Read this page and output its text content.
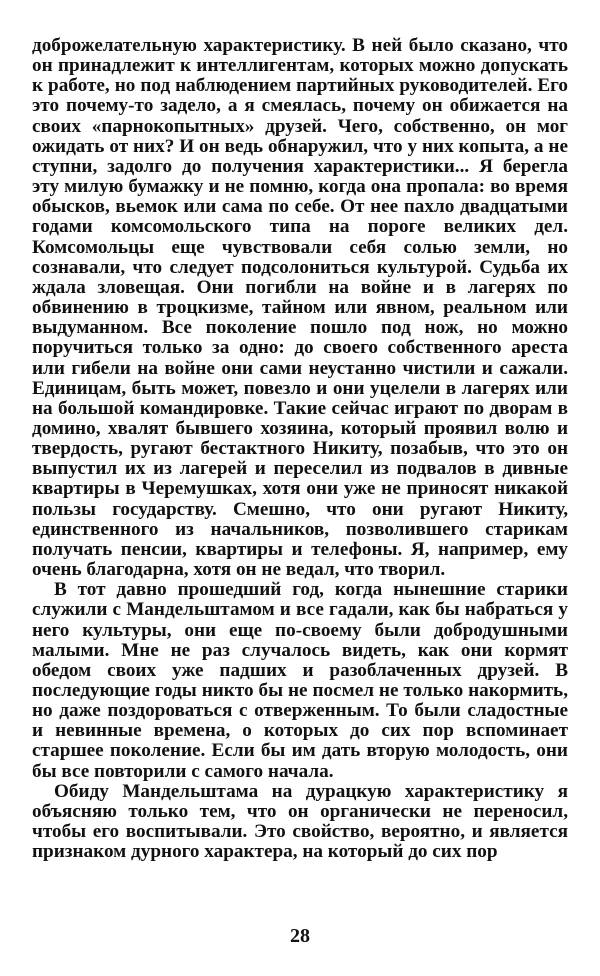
доброжелательную характеристику. В ней было сказано, что он принадлежит к интеллигентам, которых можно допускать к работе, но под наблюдением партийных руководителей. Его это почему-то задело, а я смеялась, почему он обижается на своих «парнокопытных» друзей. Чего, собственно, он мог ожидать от них? И он ведь обнаружил, что у них копыта, а не ступни, задолго до получения характеристики... Я берегла эту милую бумажку и не помню, когда она пропала: во время обысков, вьемок или сама по себе. От нее пахло двадцатыми годами комсомольского типа на пороге великих дел. Комсомольцы еще чувствовали себя солью земли, но сознавали, что следует подсолониться культурой. Судьба их ждала зловещая. Они погибли на войне и в лагерях по обвинению в троцкизме, тайном или явном, реальном или выдуманном. Все поколение пошло под нож, но можно поручиться только за одно: до своего собственного ареста или гибели на войне они сами неустанно чистили и сажали. Единицам, быть может, повезло и они уцелели в лагерях или на большой командировке. Такие сейчас играют по дворам в домино, хвалят бывшего хозяина, который проявил волю и твердость, ругают бестактного Никиту, позабыв, что это он выпустил их из лагерей и переселил из подвалов в дивные квартиры в Черемушках, хотя они уже не приносят никакой пользы государству. Смешно, что они ругают Никиту, единственного из начальников, позволившего старикам получать пенсии, квартиры и телефоны. Я, например, ему очень благодарна, хотя он не ведал, что творил.

В тот давно прошедший год, когда нынешние старики служили с Мандельштамом и все гадали, как бы набраться у него культуры, они еще по-своему были добродушными малыми. Мне не раз случалось видеть, как они кормят обедом своих уже падших и разоблаченных друзей. В последующие годы никто бы не посмел не только накормить, но даже поздороваться с отверженным. То были сладостные и невинные времена, о которых до сих пор вспоминает старшее поколение. Если бы им дать вторую молодость, они бы все повторили с самого начала.

Обиду Мандельштама на дурацкую характеристику я объясняю только тем, что он органически не переносил, чтобы его воспитывали. Это свойство, вероятно, и является признаком дурного характера, на который до сих пор

28
